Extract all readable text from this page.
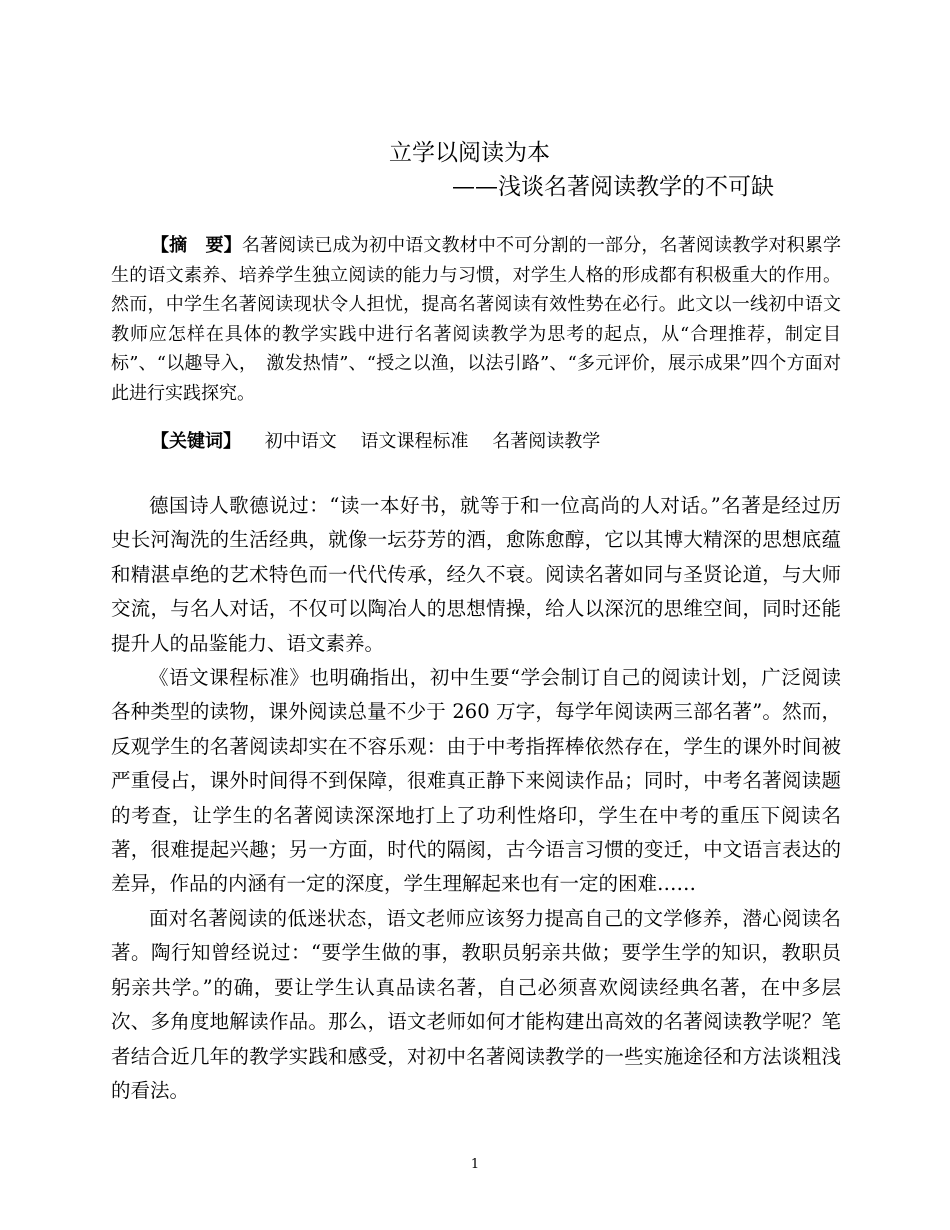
立学以阅读为本
——浅谈名著阅读教学的不可缺

【摘　要】名著阅读已成为初中语文教材中不可分割的一部分，名著阅读教学对积累学生的语文素养、培养学生独立阅读的能力与习惯，对学生人格的形成都有积极重大的作用。然而，中学生名著阅读现状令人担忧，提高名著阅读有效性势在必行。此文以一线初中语文教师应怎样在具体的教学实践中进行名著阅读教学为思考的起点，从“合理推荐，制定目标”、“以趣导入，　激发热情”、“授之以渔，以法引路”、“多元评价，展示成果”四个方面对 此进行实践探究。

【关键词】 初中语文 语文课程标准 名著阅读教学

德国诗人歌德说过：“读一本好书，就等于和一位高尚的人对话。”名著是经过历史长河淘洗的生活经典，就像一坛芬芳的酒，愈陈愈醇，它以其博大精深的思想底蕴和精湛卓绝的艺术特色而一代代传承，经久不衰。阅读名著如同与圣贤论道，与大师交流，与名人对话，不仅可以陶冶人的思想情操，给人以深沉的思维空间，同时还能提升人的品鉴能力、语文素养。

《语文课程标准》也明确指出，初中生要“学会制订自己的阅读计划，广泛阅读各种类型的读物，课外阅读总量不少于 260 万字，每学年阅读两三部名著”。然而，反观学生的名著阅读却实在不容乐观：由于中考指挥棒依然存在，学生的课外时间被严重侵占，课外时间得不到保障，很难真正静下来阅读作品；同时，中考名著阅读题的考查，让学生的名著阅读深深地打上了功利性烙印，学生在中考的重压下阅读名著，很难提起兴趣；另一方面，时代的隔阂，古今语言习惯的变迁，中文语言表达的差异，作品的内涵有一定的深度，学生理解起来也有一定的困难……

面对名著阅读的低迷状态，语文老师应该努力提高自己的文学修养，潜心阅读名著。陶行知曾经说过：“要学生做的事，教职员躬亲共做；要学生学的知识，教职员躬亲共学。”的确，要让学生认真品读名著，自己必须喜欢阅读经典名著，在中多层次、多角度地解读作品。那么，语文老师如何才能构建出高效的名著阅读教学呢？笔者结合近几年的教学实践和感受，对初中名著阅读教学的一些实施途径和方法谈粗浅的看法。

1
